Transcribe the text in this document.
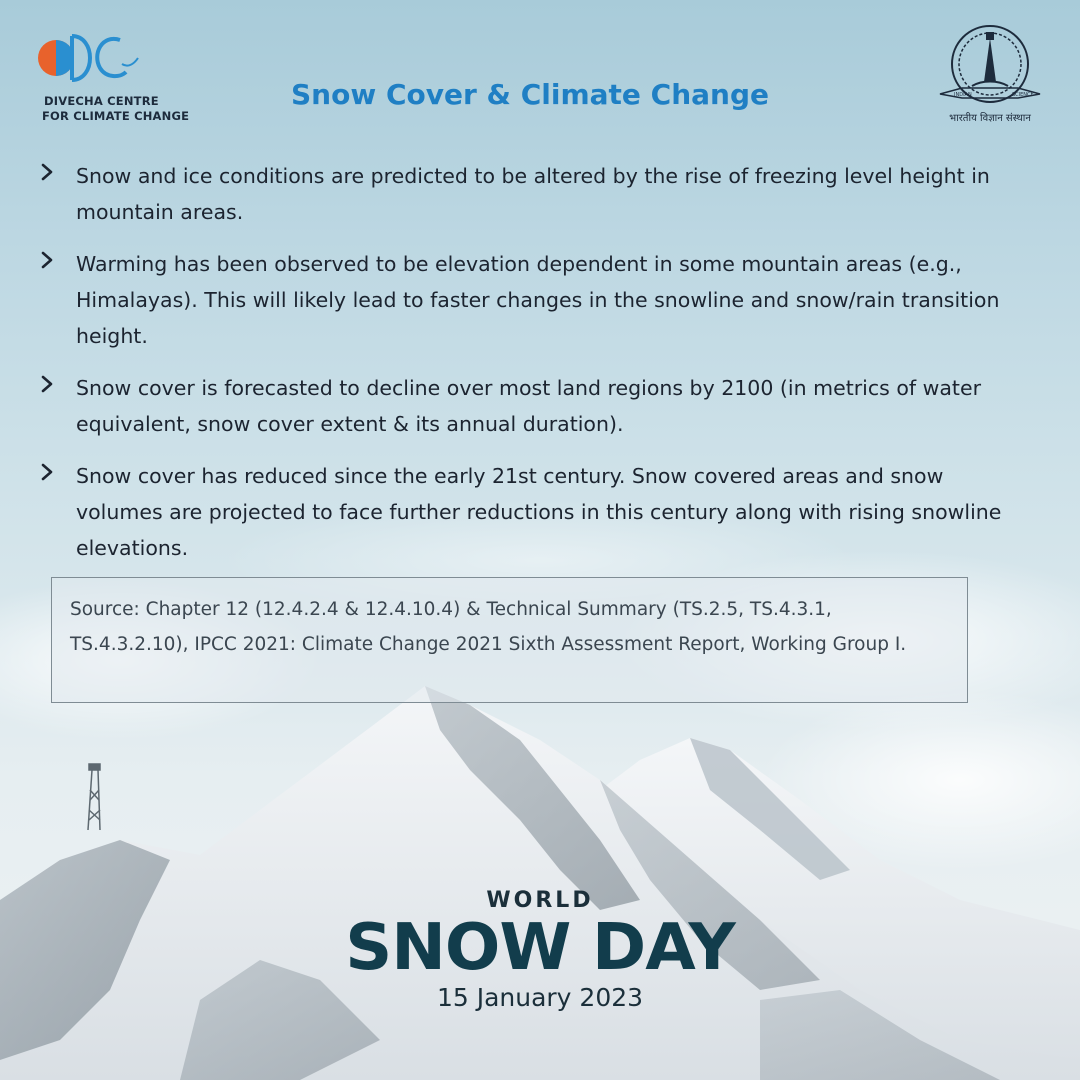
DIVECHA CENTRE
FOR CLIMATE CHANGE
INDIAN	SCIENCE
भारतीय विज्ञान संस्थान
Snow Cover & Climate Change
Snow and ice conditions are predicted to be altered by the rise of freezing level height in mountain areas.
Warming has been observed to be elevation dependent in some mountain areas (e.g., Himalayas). This will likely lead to faster changes in the snowline and snow/rain transition height.
Snow cover is forecasted to decline over most land regions by 2100 (in metrics of water equivalent, snow cover extent & its annual duration).
Snow cover has reduced since the early 21st century. Snow covered areas and snow volumes are projected to face further reductions in this century along with rising snowline elevations.
Source: Chapter 12 (12.4.2.4 & 12.4.10.4) & Technical Summary (TS.2.5, TS.4.3.1, TS.4.3.2.10), IPCC 2021: Climate Change 2021 Sixth Assessment Report, Working Group I.
WORLD
SNOW DAY
15 January 2023
